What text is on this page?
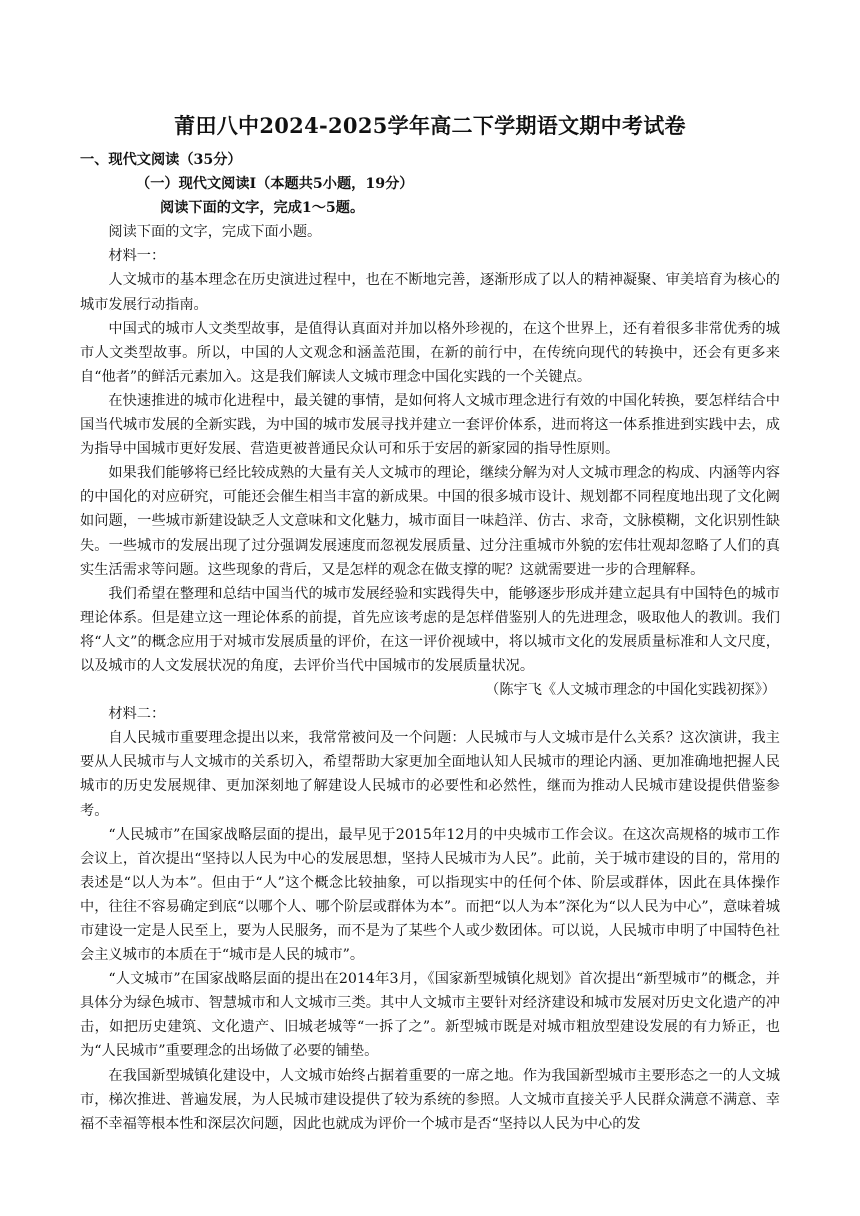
莆田八中2024-2025学年高二下学期语文期中考试卷

一、现代文阅读（35分）

（一）现代文阅读Ⅰ（本题共5小题，19分）

阅读下面的文字，完成1～5题。

阅读下面的文字，完成下面小题。

材料一：

人文城市的基本理念在历史演进过程中，也在不断地完善，逐渐形成了以人的精神凝聚、审美培育为核心的城市发展行动指南。

中国式的城市人文类型故事，是值得认真面对并加以格外珍视的，在这个世界上，还有着很多非常优秀的城市人文类型故事。所以，中国的人文观念和涵盖范围，在新的前行中，在传统向现代的转换中，还会有更多来自“他者”的鲜活元素加入。这是我们解读人文城市理念中国化实践的一个关键点。

在快速推进的城市化进程中，最关键的事情，是如何将人文城市理念进行有效的中国化转换，要怎样结合中国当代城市发展的全新实践，为中国的城市发展寻找并建立一套评价体系，进而将这一体系推进到实践中去，成为指导中国城市更好发展、营造更被普通民众认可和乐于安居的新家园的指导性原则。

如果我们能够将已经比较成熟的大量有关人文城市的理论，继续分解为对人文城市理念的构成、内涵等内容的中国化的对应研究，可能还会催生相当丰富的新成果。中国的很多城市设计、规划都不同程度地出现了文化阙如问题，一些城市新建设缺乏人文意味和文化魅力，城市面目一味趋洋、仿古、求奇，文脉模糊，文化识别性缺失。一些城市的发展出现了过分强调发展速度而忽视发展质量、过分注重城市外貌的宏伟壮观却忽略了人们的真实生活需求等问题。这些现象的背后，又是怎样的观念在做支撑的呢？这就需要进一步的合理解释。

我们希望在整理和总结中国当代的城市发展经验和实践得失中，能够逐步形成并建立起具有中国特色的城市理论体系。但是建立这一理论体系的前提，首先应该考虑的是怎样借鉴别人的先进理念，吸取他人的教训。我们将“人文”的概念应用于对城市发展质量的评价，在这一评价视域中，将以城市文化的发展质量标准和人文尺度，以及城市的人文发展状况的角度，去评价当代中国城市的发展质量状况。

（陈宇飞《人文城市理念的中国化实践初探》）

材料二：

自人民城市重要理念提出以来，我常常被问及一个问题：人民城市与人文城市是什么关系？这次演讲，我主要从人民城市与人文城市的关系切入，希望帮助大家更加全面地认知人民城市的理论内涵、更加准确地把握人民城市的历史发展规律、更加深刻地了解建设人民城市的必要性和必然性，继而为推动人民城市建设提供借鉴参考。

“人民城市”在国家战略层面的提出，最早见于2015年12月的中央城市工作会议。在这次高规格的城市工作会议上，首次提出“坚持以人民为中心的发展思想，坚持人民城市为人民”。此前，关于城市建设的目的，常用的表述是“以人为本”。但由于“人”这个概念比较抽象，可以指现实中的任何个体、阶层或群体，因此在具体操作中，往往不容易确定到底“以哪个人、哪个阶层或群体为本”。而把“以人为本”深化为“以人民为中心”，意味着城市建设一定是人民至上，要为人民服务，而不是为了某些个人或少数团体。可以说，人民城市申明了中国特色社会主义城市的本质在于“城市是人民的城市”。

“人文城市”在国家战略层面的提出在2014年3月，《国家新型城镇化规划》首次提出“新型城市”的概念，并具体分为绿色城市、智慧城市和人文城市三类。其中人文城市主要针对经济建设和城市发展对历史文化遗产的冲击，如把历史建筑、文化遗产、旧城老城等“一拆了之”。新型城市既是对城市粗放型建设发展的有力矫正，也为“人民城市”重要理念的出场做了必要的铺垫。

在我国新型城镇化建设中，人文城市始终占据着重要的一席之地。作为我国新型城市主要形态之一的人文城市，梯次推进、普遍发展，为人民城市建设提供了较为系统的参照。人文城市直接关乎人民群众满意不满意、幸福不幸福等根本性和深层次问题，因此也就成为评价一个城市是否“坚持以人民为中心的发
